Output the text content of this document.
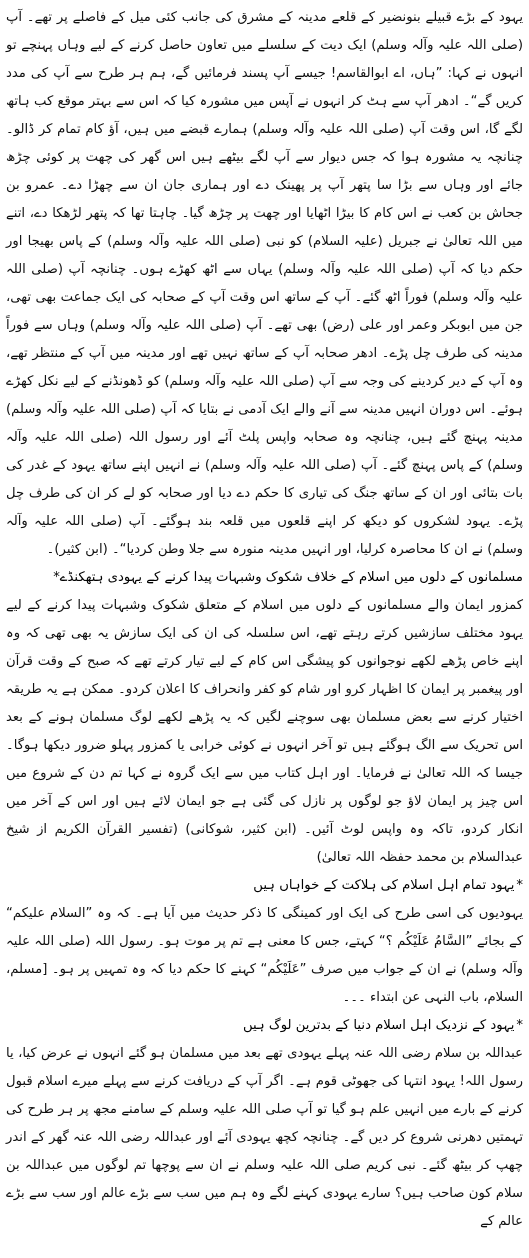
یہود کے بڑے قبیلے بنونضیر کے قلعے مدینہ کے مشرق کی جانب کئی میل کے فاصلے پر تھے۔ آپ (صلی اللہ علیہ وآلہ وسلم) ایک دیت کے سلسلے میں تعاون حاصل کرنے کے لیے وہاں پہنچے تو انہوں نے کہا: ”ہاں، اے ابوالقاسم! جیسے آپ پسند فرمائیں گے، ہم ہر طرح سے آپ کی مدد کریں گے“۔ ادھر آپ سے ہٹ کر انہوں نے آپس میں مشورہ کیا کہ اس سے بہتر موقع کب ہاتھ لگے گا، اس وقت آپ (صلی اللہ علیہ وآلہ وسلم) ہمارے قبضے میں ہیں، آؤ کام تمام کر ڈالو۔ چنانچہ یہ مشورہ ہوا کہ جس دیوار سے آپ لگے بیٹھے ہیں اس گھر کی چھت پر کوئی چڑھ جائے اور وہاں سے بڑا سا پتھر آپ پر پھینک دے اور ہماری جان ان سے چھڑا دے۔ عمرو بن جحاش بن کعب نے اس کام کا بیڑا اٹھایا اور چھت پر چڑھ گیا۔ چاہتا تھا کہ پتھر لڑھکا دے، اتنے میں اللہ تعالیٰ نے جبریل (علیہ السلام) کو نبی (صلی اللہ علیہ وآلہ وسلم) کے پاس بھیجا اور حکم دیا کہ آپ (صلی اللہ علیہ وآلہ وسلم) یہاں سے اٹھ کھڑے ہوں۔ چنانچہ آپ (صلی اللہ علیہ وآلہ وسلم) فوراً اٹھ گئے۔ آپ کے ساتھ اس وقت آپ کے صحابہ کی ایک جماعت بھی تھی، جن میں ابوبکر وعمر اور علی (رض) بھی تھے۔ آپ (صلی اللہ علیہ وآلہ وسلم) وہاں سے فوراً مدینہ کی طرف چل پڑے۔ ادھر صحابہ آپ کے ساتھ نہیں تھے اور مدینہ میں آپ کے منتظر تھے، وہ آپ کے دیر کردینے کی وجہ سے آپ (صلی اللہ علیہ وآلہ وسلم) کو ڈھونڈنے کے لیے نکل کھڑے ہوئے۔ اس دوران انہیں مدینہ سے آنے والے ایک آدمی نے بتایا کہ آپ (صلی اللہ علیہ وآلہ وسلم) مدینہ پہنچ گئے ہیں، چنانچہ وہ صحابہ واپس پلٹ آئے اور رسول اللہ (صلی اللہ علیہ وآلہ وسلم) کے پاس پہنچ گئے۔ آپ (صلی اللہ علیہ وآلہ وسلم) نے انہیں اپنے ساتھ یہود کے غدر کی بات بتائی اور ان کے ساتھ جنگ کی تیاری کا حکم دے دیا اور صحابہ کو لے کر ان کی طرف چل پڑے۔ یہود لشکروں کو دیکھ کر اپنے قلعوں میں قلعہ بند ہوگئے۔ آپ (صلی اللہ علیہ وآلہ وسلم) نے ان کا محاصرہ کرلیا، اور انہیں مدینہ منورہ سے جلا وطن کردیا“۔ (ابن کثیر)۔

مسلمانوں کے دلوں میں اسلام کے خلاف شکوک وشبہات پیدا کرنے کے یہودی ہتھکنڈے*

کمزور ایمان والے مسلمانوں کے دلوں میں اسلام کے متعلق شکوک وشبہات پیدا کرنے کے لیے یہود مختلف سازشیں کرتے رہتے تھے، اس سلسلہ کی ان کی ایک سازش یہ بھی تھی کہ وہ اپنے خاص پڑھے لکھے نوجوانوں کو پیشگی اس کام کے لیے تیار کرتے تھے کہ صبح کے وقت قرآن اور پیغمبر پر ایمان کا اظہار کرو اور شام کو کفر وانحراف کا اعلان کردو۔ ممکن ہے یہ طریقہ اختیار کرنے سے بعض مسلمان بھی سوچنے لگیں کہ یہ پڑھے لکھے لوگ مسلمان ہونے کے بعد اس تحریک سے الگ ہوگئے ہیں تو آخر انہوں نے کوئی خرابی یا کمزور پہلو ضرور دیکھا ہوگا۔ جیسا کہ اللہ تعالیٰ نے فرمایا۔ اور اہل کتاب میں سے ایک گروہ نے کہا تم دن کے شروع میں اس چیز پر ایمان لاؤ جو لوگوں پر نازل کی گئی ہے جو ایمان لائے ہیں اور اس کے آخر میں انکار کردو، تاکہ وہ واپس لوٹ آئیں۔ (ابن کثیر، شوکانی) (تفسیر القرآن الکریم از شیخ عبدالسلام بن محمد حفظہ اللہ تعالیٰ)

*یہود تمام اہل اسلام کی ہلاکت کے خواہاں ہیں

یہودیوں کی اسی طرح کی ایک اور کمینگی کا ذکر حدیث میں آیا ہے۔ کہ وہ ”السلام علیکم“ کے بجائے ”السَّامُ عَلَیْکُم ؟“ کہتے، جس کا معنی ہے تم پر موت ہو۔ رسول اللہ (صلی اللہ علیہ وآلہ وسلم) نے ان کے جواب میں صرف ”عَلَیْکُم“ کہنے کا حکم دیا کہ وہ تمہیں پر ہو۔ [مسلم، السلام، باب النہی عن ابتداء ۔۔۔

*یہود کے نزدیک اہل اسلام دنیا کے بدترین لوگ ہیں

عبداللہ بن سلام رضی اللہ عنہ پہلے یہودی تھے بعد میں مسلمان ہو گئے انہوں نے عرض کیا، یا رسول اللہ! یہود انتہا کی جھوٹی قوم ہے۔ اگر آپ کے دریافت کرنے سے پہلے میرے اسلام قبول کرنے کے بارے میں انہیں علم ہو گیا تو آپ صلی اللہ علیہ وسلم کے سامنے مجھ پر ہر طرح کی تہمتیں دھرنی شروع کر دیں گے۔ چنانچہ کچھ یہودی آئے اور عبداللہ رضی اللہ عنہ گھر کے اندر چھپ کر بیٹھ گئے۔ نبی کریم صلی اللہ علیہ وسلم نے ان سے پوچھا تم لوگوں میں عبداللہ بن سلام کون صاحب ہیں؟ سارے یہودی کہنے لگے وہ ہم میں سب سے بڑے عالم اور سب سے بڑے عالم کے
